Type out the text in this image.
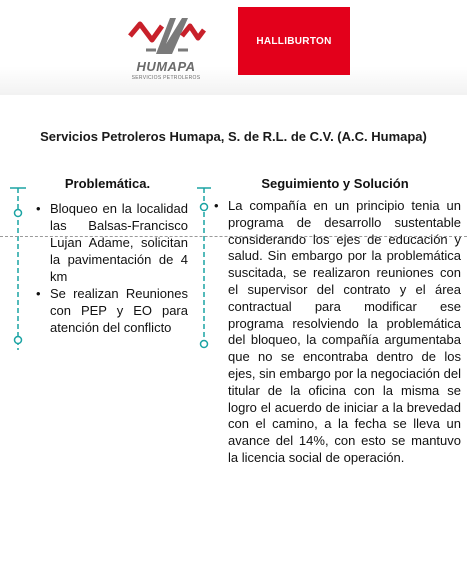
HUMAPA
SERVICIOS PETROLEROS
HALLIBURTON
Servicios Petroleros Humapa, S. de R.L. de C.V. (A.C. Humapa)
Problemática.	Seguimiento y Solución
• Bloqueo en la localidad las Balsas-Francisco Lujan Adame, solicitan la pavimentación de 4 km
• Se realizan Reuniones con PEP y EO para atención del conflicto
• La compañía en un principio tenia un programa de desarrollo sustentable considerando los ejes de educación y salud. Sin embargo por la problemática suscitada, se realizaron reuniones con el supervisor del contrato y el área contractual para modificar ese programa resolviendo la problemática del bloqueo, la compañía argumentaba que no se encontraba dentro de los ejes, sin embargo por la negociación del titular de la oficina con la misma se logro el acuerdo de iniciar a la brevedad con el camino, a la fecha se lleva un avance del 14%, con esto se mantuvo la licencia social de operación.
